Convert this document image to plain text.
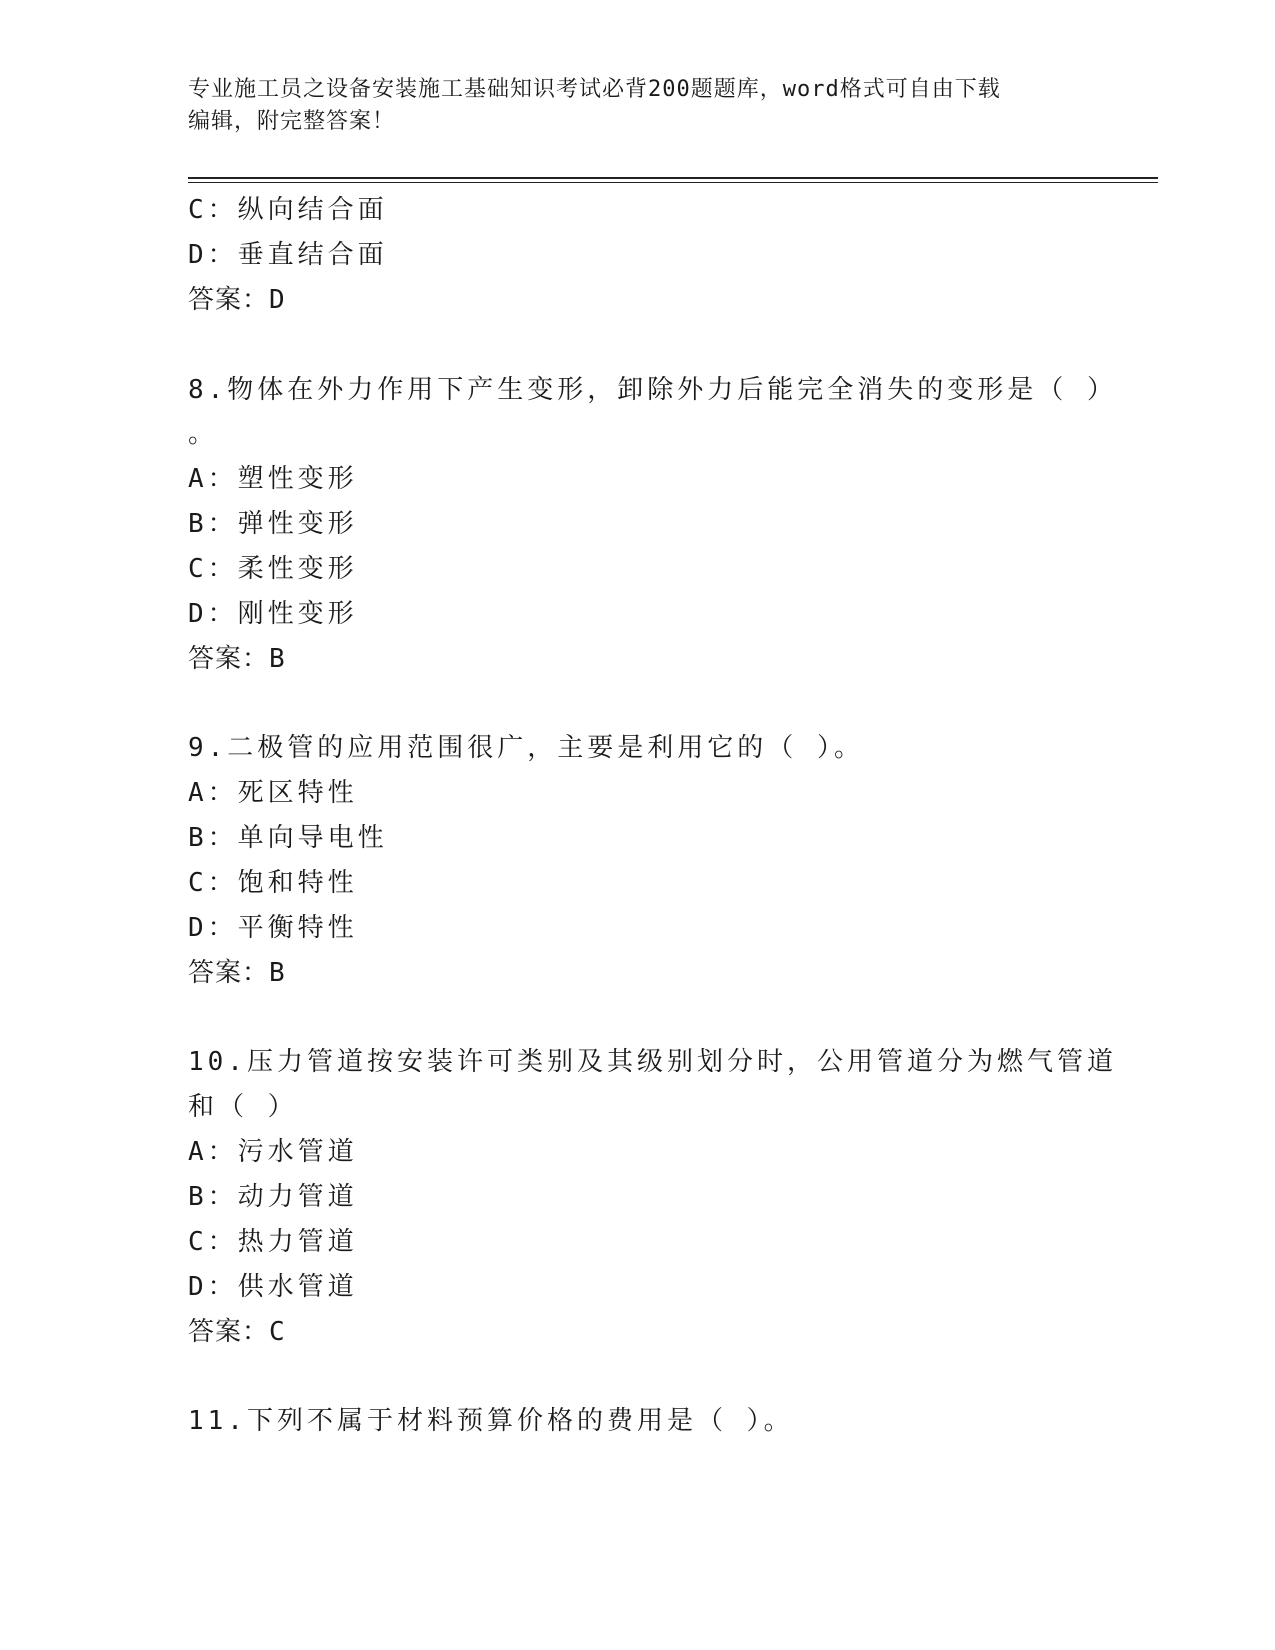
专业施工员之设备安装施工基础知识考试必背200题题库，word格式可自由下载
编辑，附完整答案！
C：纵向结合面
D：垂直结合面
答案：D
8.物体在外力作用下产生变形，卸除外力后能完全消失的变形是（ ）
。
A：塑性变形
B：弹性变形
C：柔性变形
D：刚性变形
答案：B
9.二极管的应用范围很广，主要是利用它的（ ）。
A：死区特性
B：单向导电性
C：饱和特性
D：平衡特性
答案：B
10.压力管道按安装许可类别及其级别划分时，公用管道分为燃气管道
和（ ）
A：污水管道
B：动力管道
C：热力管道
D：供水管道
答案：C
11.下列不属于材料预算价格的费用是（ ）。
